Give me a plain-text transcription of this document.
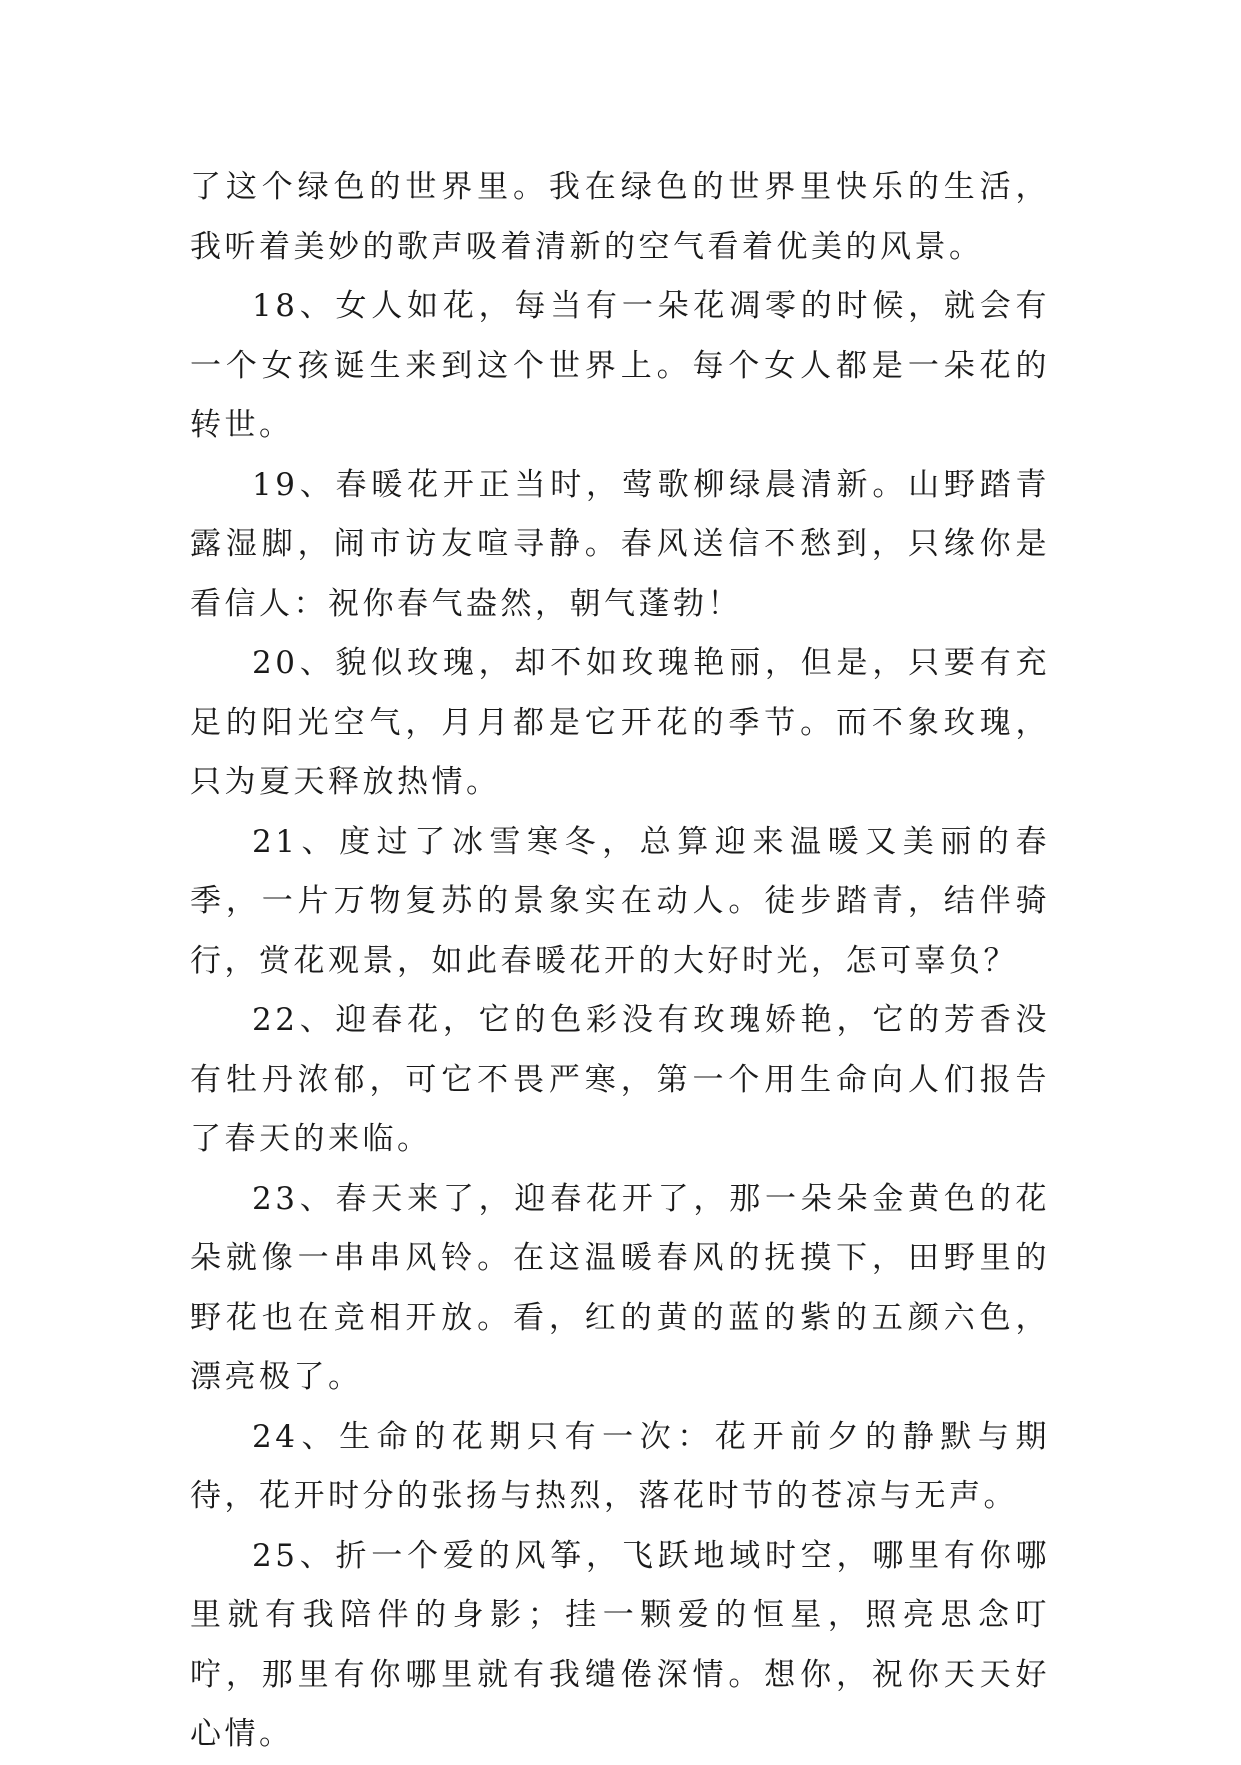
了这个绿色的世界里。我在绿色的世界里快乐的生活，我听着美妙的歌声吸着清新的空气看着优美的风景。

18、女人如花，每当有一朵花凋零的时候，就会有一个女孩诞生来到这个世界上。每个女人都是一朵花的转世。

19、春暖花开正当时，莺歌柳绿晨清新。山野踏青露湿脚，闹市访友喧寻静。春风送信不愁到，只缘你是看信人：祝你春气盎然，朝气蓬勃！

20、貌似玫瑰，却不如玫瑰艳丽，但是，只要有充足的阳光空气，月月都是它开花的季节。而不象玫瑰，只为夏天释放热情。

21、度过了冰雪寒冬，总算迎来温暖又美丽的春季，一片万物复苏的景象实在动人。徒步踏青，结伴骑行，赏花观景，如此春暖花开的大好时光，怎可辜负？

22、迎春花，它的色彩没有玫瑰娇艳，它的芳香没有牡丹浓郁，可它不畏严寒，第一个用生命向人们报告了春天的来临。

23、春天来了，迎春花开了，那一朵朵金黄色的花朵就像一串串风铃。在这温暖春风的抚摸下，田野里的野花也在竞相开放。看，红的黄的蓝的紫的五颜六色，漂亮极了。

24、生命的花期只有一次：花开前夕的静默与期待，花开时分的张扬与热烈，落花时节的苍凉与无声。

25、折一个爱的风筝，飞跃地域时空，哪里有你哪里就有我陪伴的身影；挂一颗爱的恒星，照亮思念叮咛，那里有你哪里就有我缱倦深情。想你，祝你天天好心情。
